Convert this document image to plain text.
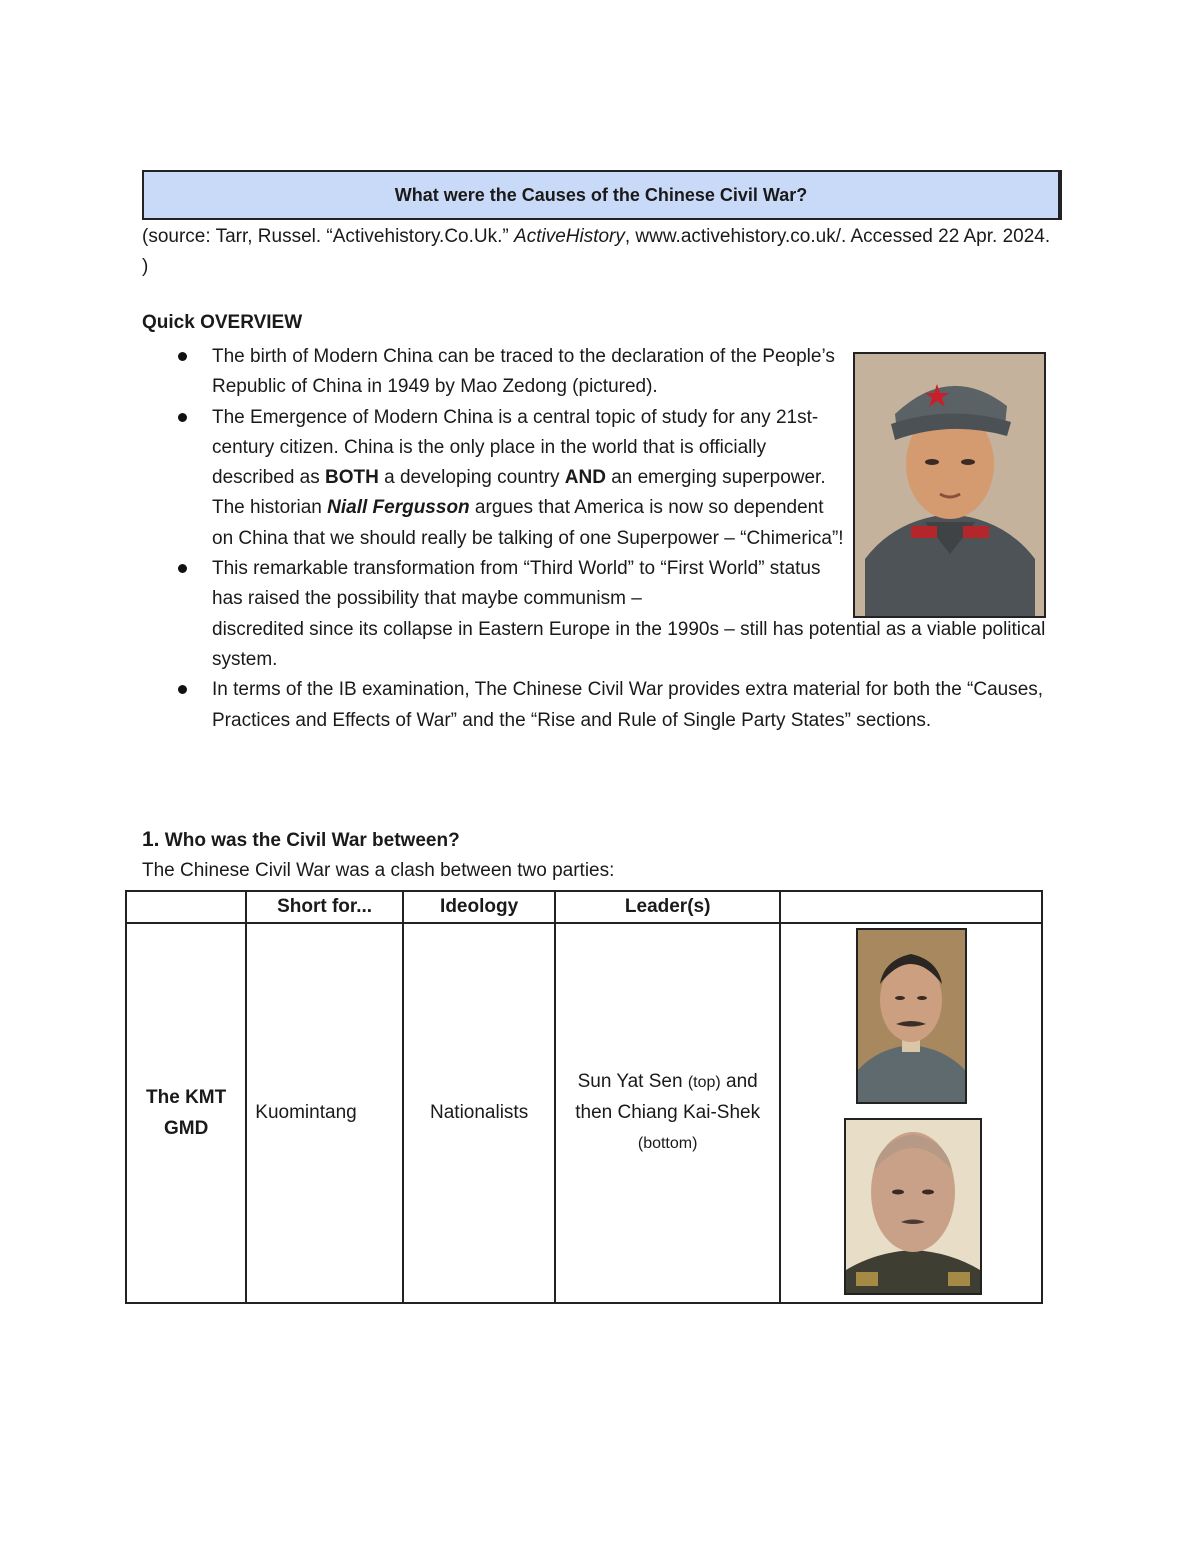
What were the Causes of the Chinese Civil War?
(source: Tarr, Russel. “Activehistory.Co.Uk.” ActiveHistory, www.activehistory.co.uk/. Accessed 22 Apr. 2024. )
Quick OVERVIEW
The birth of Modern China can be traced to the declaration of the People’s Republic of China in 1949 by Mao Zedong (pictured).
The Emergence of Modern China is a central topic of study for any 21st-century citizen. China is the only place in the world that is officially described as BOTH a developing country AND an emerging superpower. The historian Niall Fergusson argues that America is now so dependent on China that we should really be talking of one Superpower – “Chimerica”!
This remarkable transformation from “Third World” to “First World” status has raised the possibility that maybe communism –
discredited since its collapse in Eastern Europe in the 1990s – still has potential as a viable political system.
In terms of the IB examination, The Chinese Civil War provides extra material for both the “Causes, Practices and Effects of War” and the “Rise and Rule of Single Party States” sections.
1. Who was the Civil War between?
The Chinese Civil War was a clash between two parties:
	Short for...	Ideology	Leader(s)	

The KMT
GMD	Kuomintang	Nationalists	Sun Yat Sen (top) and then Chiang Kai-Shek (bottom)	
